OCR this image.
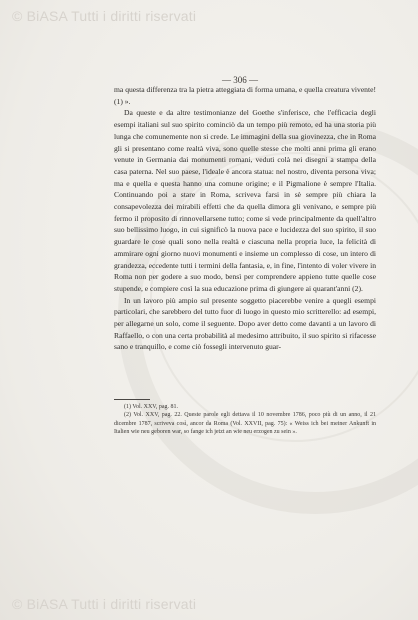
© BiASA Tutti i diritti riservati
— 306 —

ma questa differenza tra la pietra atteggiata di forma umana, e quella creatura vivente! (1) ».

Da queste e da altre testimonianze del Goethe s'inferisce, che l'efficacia degli esempi italiani sul suo spirito cominciò da un tempo più remoto, ed ha una storia più lunga che comunemente non si crede. Le immagini della sua giovinezza, che in Roma gli si presentano come realtà viva, sono quelle stesse che molti anni prima gli erano venute in Germania dai monumenti romani, veduti colà nei disegni a stampa della casa paterna. Nel suo paese, l'ideale è ancora statua: nel nostro, diventa persona viva; ma e quella e questa hanno una comune origine; e il Pigmalione è sempre l'Italia. Continuando poi a stare in Roma, scriveva farsi in sè sempre più chiara la consapevolezza dei mirabili effetti che da quella dimora gli venivano, e sempre più fermo il proposito di rinnovellarsene tutto; come si vede principalmente da quell'altro suo bellissimo luogo, in cui significò la nuova pace e lucidezza del suo spirito, il suo guardare le cose quali sono nella realtà e ciascuna nella propria luce, la felicità di ammirare ogni giorno nuovi monumenti e insieme un complesso di cose, un intero di grandezza, eccedente tutti i termini della fantasia, e, in fine, l'intento di voler vivere in Roma non per godere a suo modo, bensì per comprendere appieno tutte quelle cose stupende, e compiere così la sua educazione prima di giungere ai quarant'anni (2).

In un lavoro più ampio sul presente soggetto piacerebbe venire a quegli esempi particolari, che sarebbero del tutto fuor di luogo in questo mio scritterello: ad esempi, per allegarne un solo, come il seguente. Dopo aver detto come davanti a un lavoro di Raffaello, o con una certa probabilità al medesimo attribuito, il suo spirito si rifacesse sano e tranquillo, e come ciò fossegli intervenuto guar-

(1) Vol. XXV, pag. 81.

(2) Vol. XXV, pag. 22. Queste parole egli dettava il 10 novembre 1786, poco più di un anno, il 21 dicembre 1787, scriveva così, ancor da Roma (Vol. XXVII, pag. 75): « Weiss ich bei meiner Ankunft in Italien wie neu geboren war, so fange ich jetzt an wie neu erzogen zu sein ».

© BiASA Tutti i diritti riservati
